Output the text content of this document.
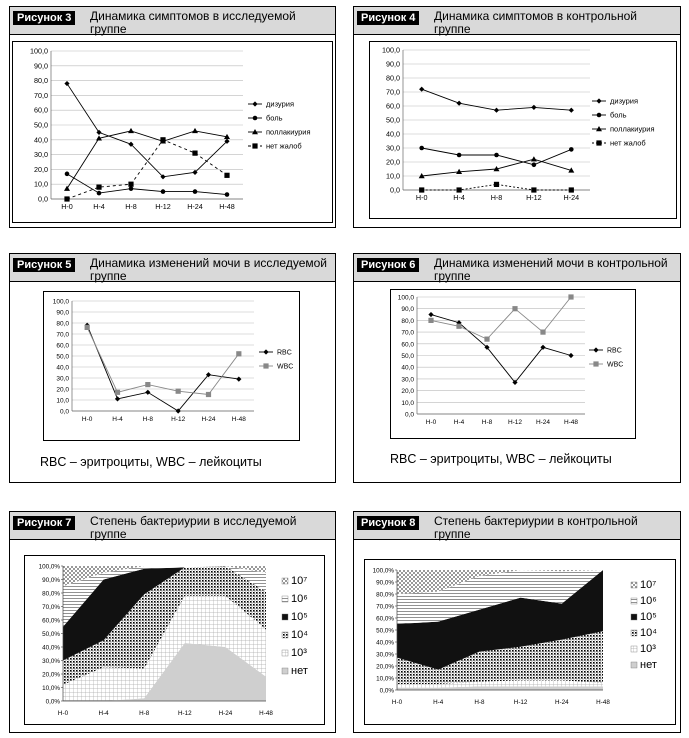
Рисунок 3	Динамика симптомов в исследуемой группе
0,0
10,0
20,0
30,0
40,0
50,0
60,0
70,0
80,0
90,0
100,0
H-0	H-4	H-8	H-12 H-24 H-48
дизурия
боль
поллакиурия
нет жалоб
Рисунок 4	Динамика симптомов в контрольной группе
0,0
10,0
20,0
30,0
40,0
50,0
60,0
70,0
80,0
90,0
100,0
H-0	H-4	H-8	H-12	H-24
дизурия
боль
поллакиурия
нет жалоб
Рисунок 5	Динамика изменений мочи в исследуемой группе
0,0
10,0
20,0
30,0
40,0
50,0
60,0
70,0
80,0
90,0
100,0
H-0	H-4	H-8	H-12 H-24 H-48
RBC
WBC
RBC – эритроциты, WBC – лейкоциты
Рисунок 6	Динамика изменений мочи в контрольной группе
0,0
10,0
20,0
30,0
40,0
50,0
60,0
70,0
80,0
90,0
100,0
H-0	H-4	H-8 H-12 H-24 H-48
RBC
WBC
RBC – эритроциты, WBC – лейкоциты
Рисунок 7	Степень бактериурии в исследуемой группе
0,0%
10,0%
20,0%
30,0%
40,0%
50,0%
60,0%
70,0%
80,0%
90,0%
100,0%
H-0	H-4	H-8	H-12	H-24	H-48
10⁷
10⁶
10⁵
10⁴
10³
нет
Рисунок 8	Степень бактериурии в контрольной группе
0,0%
10,0%
20,0%
30,0%
40,0%
50,0%
60,0%
70,0%
80,0%
90,0%
100,0%
H-0	H-4	H-8	H-12	H-24	H-48
10⁷
10⁶
10⁵
10⁴
10³
нет
